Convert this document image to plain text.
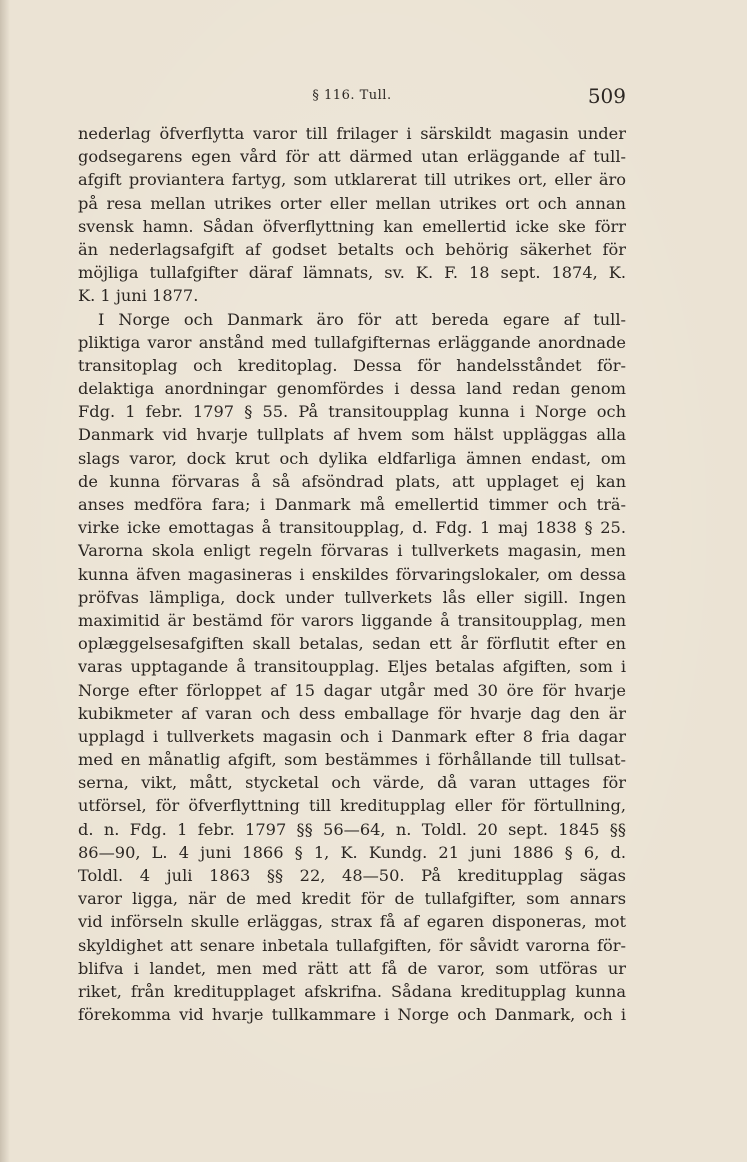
§ 116. Tull.	509
nederlag öfverflytta varor till frilager i särskildt magasin under
godsegarens egen vård för att därmed utan erläggande af tull-
afgift proviantera fartyg, som utklarerat till utrikes ort, eller äro
på resa mellan utrikes orter eller mellan utrikes ort och annan
svensk hamn. Sådan öfverflyttning kan emellertid icke ske förr
än nederlagsafgift af godset betalts och behörig säkerhet för
möjliga tullafgifter däraf lämnats, sv. K. F. 18 sept. 1874, K.
K. 1 juni 1877.
I Norge och Danmark äro för att bereda egare af tull-
pliktiga varor anstånd med tullafgifternas erläggande anordnade
transitoplag och kreditoplag. Dessa för handelsståndet för-
delaktiga anordningar genomfördes i dessa land redan genom
Fdg. 1 febr. 1797 § 55. På transitoupplag kunna i Norge och
Danmark vid hvarje tullplats af hvem som hälst uppläggas alla
slags varor, dock krut och dylika eldfarliga ämnen endast, om
de kunna förvaras å så afsöndrad plats, att upplaget ej kan
anses medföra fara; i Danmark må emellertid timmer och trä-
virke icke emottagas å transitoupplag, d. Fdg. 1 maj 1838 § 25.
Varorna skola enligt regeln förvaras i tullverkets magasin, men
kunna äfven magasineras i enskildes förvaringslokaler, om dessa
pröfvas lämpliga, dock under tullverkets lås eller sigill. Ingen
maximitid är bestämd för varors liggande å transitoupplag, men
oplæggelsesafgiften skall betalas, sedan ett år förflutit efter en
varas upptagande å transitoupplag. Eljes betalas afgiften, som i
Norge efter förloppet af 15 dagar utgår med 30 öre för hvarje
kubikmeter af varan och dess emballage för hvarje dag den är
upplagd i tullverkets magasin och i Danmark efter 8 fria dagar
med en månatlig afgift, som bestämmes i förhållande till tullsat-
serna, vikt, mått, stycketal och värde, då varan uttages för
utförsel, för öfverflyttning till kreditupplag eller för förtullning,
d. n. Fdg. 1 febr. 1797 §§ 56—64, n. Toldl. 20 sept. 1845 §§
86—90, L. 4 juni 1866 § 1, K. Kundg. 21 juni 1886 § 6, d.
Toldl. 4 juli 1863 §§ 22, 48—50. På kreditupplag sägas
varor ligga, när de med kredit för de tullafgifter, som annars
vid införseln skulle erläggas, strax få af egaren disponeras, mot
skyldighet att senare inbetala tullafgiften, för såvidt varorna för-
blifva i landet, men med rätt att få de varor, som utföras ur
riket, från kreditupplaget afskrifna. Sådana kreditupplag kunna
förekomma vid hvarje tullkammare i Norge och Danmark, och i
